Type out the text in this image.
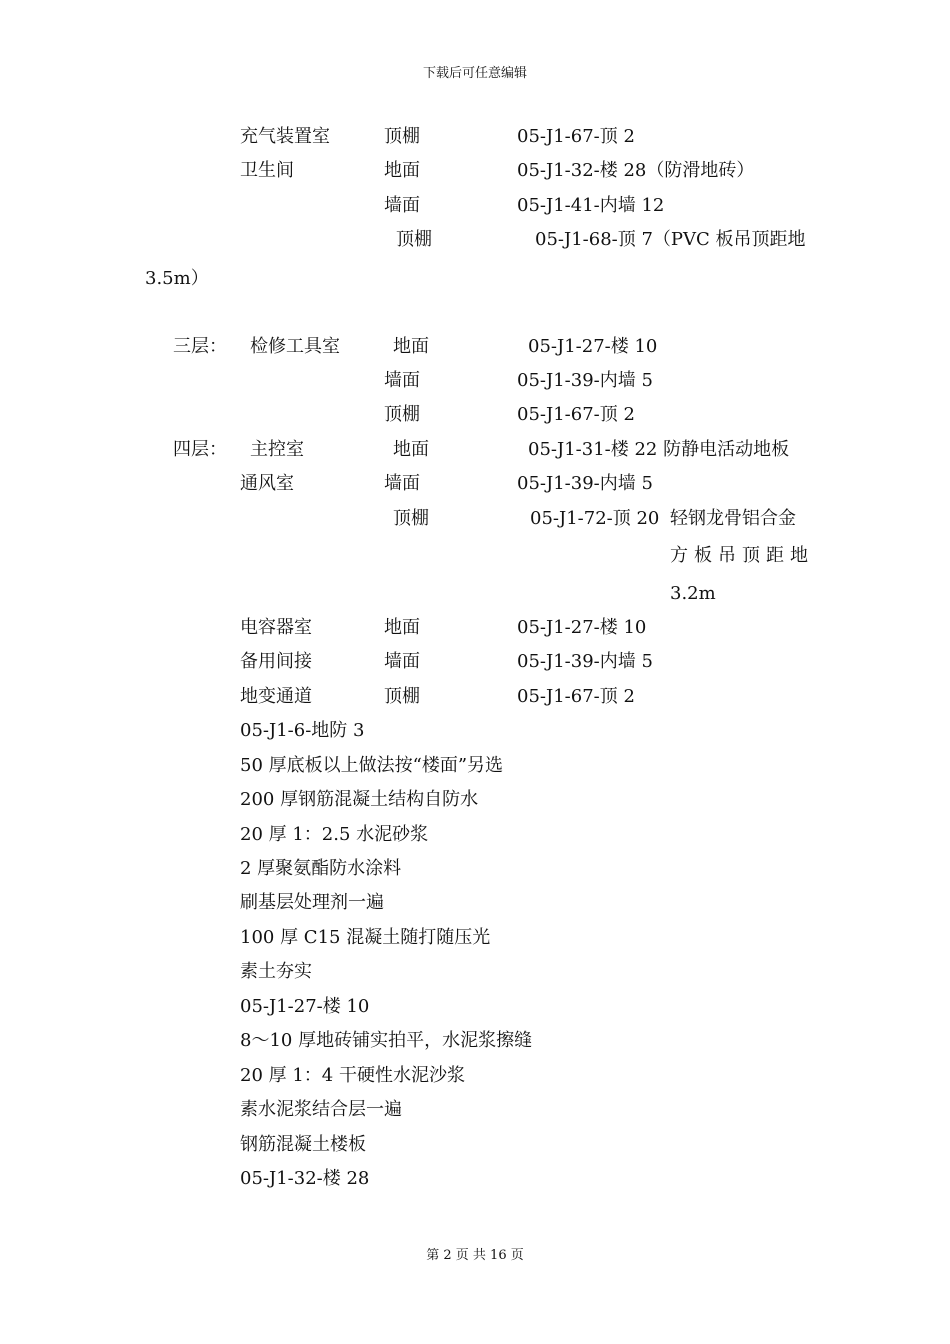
下载后可任意编辑
充气装置室	顶棚	05-J1-67-顶 2
卫生间	地面	05-J1-32-楼 28（防滑地砖）
墙面	05-J1-41-内墙 12
顶棚	05-J1-68-顶 7（PVC 板吊顶距地
3.5m）
三层： 检修工具室	地面	05-J1-27-楼 10
墙面	05-J1-39-内墙 5
顶棚	05-J1-67-顶 2
四层： 主控室	地面	05-J1-31-楼 22 防静电活动地板
通风室	墙面	05-J1-39-内墙 5
顶棚	05-J1-72-顶 20 轻钢龙骨铝合金
方板吊顶距地
3.2m
电容器室	地面	05-J1-27-楼 10
备用间接	墙面	05-J1-39-内墙 5
地变通道	顶棚	05-J1-67-顶 2
05-J1-6-地防 3
50 厚底板以上做法按“楼面”另选
200 厚钢筋混凝土结构自防水
20 厚 1：2.5 水泥砂浆
2 厚聚氨酯防水涂料
刷基层处理剂一遍
100 厚 C15 混凝土随打随压光
素土夯实
05-J1-27-楼 10
8～10 厚地砖铺实拍平，水泥浆擦缝
20 厚 1：4 干硬性水泥沙浆
素水泥浆结合层一遍
钢筋混凝土楼板
05-J1-32-楼 28
第 2 页 共 16 页
